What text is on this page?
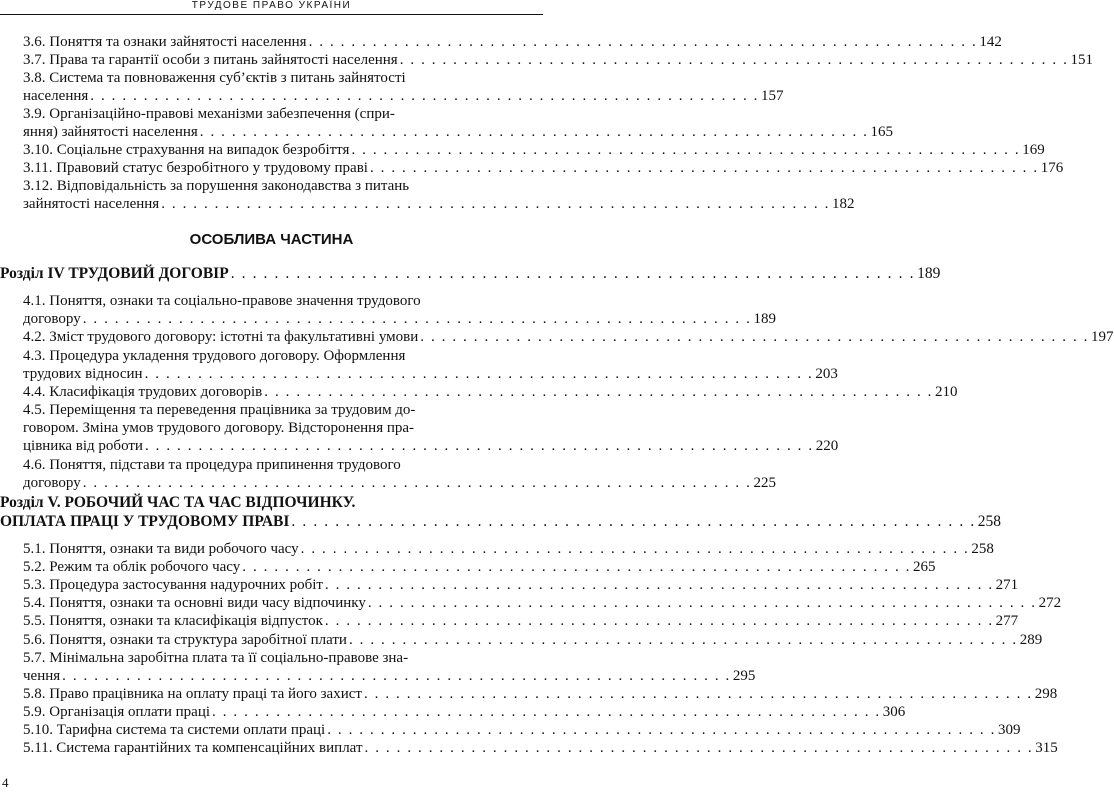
ТРУДОВЕ ПРАВО УКРАЇНИ
3.6. Поняття та ознаки зайнятості населення . . . . . . . . . . . . . . . . . . . . . . . . . . . . . . . . . . . . . . . . . . . . . . . . . . . . . . . . . . . . . . . 142
3.7. Права та гарантії особи з питань зайнятості населення . . . . . . . . . . . . . . . . . . . . . . . . . . . . . . . . . . . . . . . . . . . . . . . . . . . . . . . . . . . . . . . 151
3.8. Система та повноваження суб’єктів з питань зайнятості
населення . . . . . . . . . . . . . . . . . . . . . . . . . . . . . . . . . . . . . . . . . . . . . . . . . . . . . . . . . . . . . . . 157
3.9. Організаційно-правові механізми забезпечення (спри-
яння) зайнятості населення . . . . . . . . . . . . . . . . . . . . . . . . . . . . . . . . . . . . . . . . . . . . . . . . . . . . . . . . . . . . . . . 165
3.10. Соціальне страхування на випадок безробіття . . . . . . . . . . . . . . . . . . . . . . . . . . . . . . . . . . . . . . . . . . . . . . . . . . . . . . . . . . . . . . . 169
3.11. Правовий статус безробітного у трудовому праві . . . . . . . . . . . . . . . . . . . . . . . . . . . . . . . . . . . . . . . . . . . . . . . . . . . . . . . . . . . . . . . 176
3.12. Відповідальність за порушення законодавства з питань
зайнятості населення . . . . . . . . . . . . . . . . . . . . . . . . . . . . . . . . . . . . . . . . . . . . . . . . . . . . . . . . . . . . . . . 182
ОСОБЛИВА ЧАСТИНА
Розділ IV ТРУДОВИЙ ДОГОВІР . . . . . . . . . . . . . . . . . . . . . . . . . . . . . . . . . . . . . . . . . . . . . . . . . . . . . . . . . . . . . . . 189
4.1. Поняття, ознаки та соціально-правове значення трудового
договору . . . . . . . . . . . . . . . . . . . . . . . . . . . . . . . . . . . . . . . . . . . . . . . . . . . . . . . . . . . . . . . 189
4.2. Зміст трудового договору: істотні та факультативні умови . . . . . . . . . . . . . . . . . . . . . . . . . . . . . . . . . . . . . . . . . . . . . . . . . . . . . . . . . . . . . . . 197
4.3. Процедура укладення трудового договору. Оформлення
трудових відносин . . . . . . . . . . . . . . . . . . . . . . . . . . . . . . . . . . . . . . . . . . . . . . . . . . . . . . . . . . . . . . . 203
4.4. Класифікація трудових договорів . . . . . . . . . . . . . . . . . . . . . . . . . . . . . . . . . . . . . . . . . . . . . . . . . . . . . . . . . . . . . . . 210
4.5. Переміщення та переведення працівника за трудовим до-
говором. Зміна умов трудового договору. Відсторонення пра-
цівника від роботи . . . . . . . . . . . . . . . . . . . . . . . . . . . . . . . . . . . . . . . . . . . . . . . . . . . . . . . . . . . . . . . 220
4.6. Поняття, підстави та процедура припинення трудового
договору . . . . . . . . . . . . . . . . . . . . . . . . . . . . . . . . . . . . . . . . . . . . . . . . . . . . . . . . . . . . . . . 225
Розділ V. РОБОЧИЙ ЧАС ТА ЧАС ВІДПОЧИНКУ.
ОПЛАТА ПРАЦІ У ТРУДОВОМУ ПРАВІ . . . . . . . . . . . . . . . . . . . . . . . . . . . . . . . . . . . . . . . . . . . . . . . . . . . . . . . . . . . . . . . 258
5.1. Поняття, ознаки та види робочого часу . . . . . . . . . . . . . . . . . . . . . . . . . . . . . . . . . . . . . . . . . . . . . . . . . . . . . . . . . . . . . . . 258
5.2. Режим та облік робочого часу . . . . . . . . . . . . . . . . . . . . . . . . . . . . . . . . . . . . . . . . . . . . . . . . . . . . . . . . . . . . . . . 265
5.3. Процедура застосування надурочних робіт . . . . . . . . . . . . . . . . . . . . . . . . . . . . . . . . . . . . . . . . . . . . . . . . . . . . . . . . . . . . . . . 271
5.4. Поняття, ознаки та основні види часу відпочинку . . . . . . . . . . . . . . . . . . . . . . . . . . . . . . . . . . . . . . . . . . . . . . . . . . . . . . . . . . . . . . . 272
5.5. Поняття, ознаки та класифікація відпусток . . . . . . . . . . . . . . . . . . . . . . . . . . . . . . . . . . . . . . . . . . . . . . . . . . . . . . . . . . . . . . . 277
5.6. Поняття, ознаки та структура заробітної плати . . . . . . . . . . . . . . . . . . . . . . . . . . . . . . . . . . . . . . . . . . . . . . . . . . . . . . . . . . . . . . . 289
5.7. Мінімальна заробітна плата та її соціально-правове зна-
чення . . . . . . . . . . . . . . . . . . . . . . . . . . . . . . . . . . . . . . . . . . . . . . . . . . . . . . . . . . . . . . . 295
5.8. Право працівника на оплату праці та його захист . . . . . . . . . . . . . . . . . . . . . . . . . . . . . . . . . . . . . . . . . . . . . . . . . . . . . . . . . . . . . . . 298
5.9. Організація оплати праці . . . . . . . . . . . . . . . . . . . . . . . . . . . . . . . . . . . . . . . . . . . . . . . . . . . . . . . . . . . . . . . 306
5.10. Тарифна система та системи оплати праці . . . . . . . . . . . . . . . . . . . . . . . . . . . . . . . . . . . . . . . . . . . . . . . . . . . . . . . . . . . . . . . 309
5.11. Система гарантійних та компенсаційних виплат . . . . . . . . . . . . . . . . . . . . . . . . . . . . . . . . . . . . . . . . . . . . . . . . . . . . . . . . . . . . . . . 315
4
